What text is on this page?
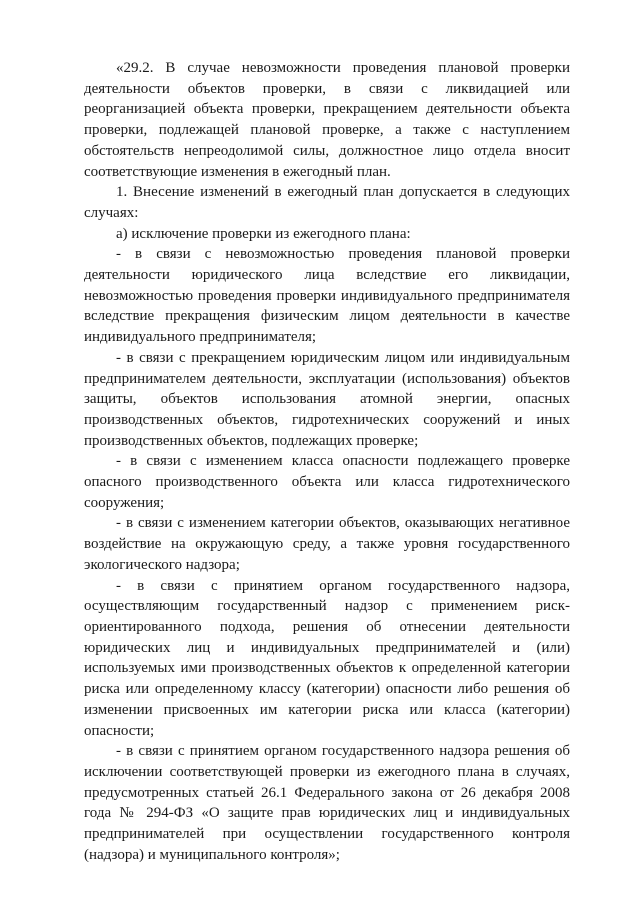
«29.2. В случае невозможности проведения плановой проверки деятельности объектов проверки, в связи с ликвидацией или реорганизацией объекта проверки, прекращением деятельности объекта проверки, подлежащей плановой проверке, а также с наступлением обстоятельств непреодолимой силы, должностное лицо отдела вносит соответствующие изменения в ежегодный план.

1. Внесение изменений в ежегодный план допускается в следующих случаях:

а) исключение проверки из ежегодного плана:

- в связи с невозможностью проведения плановой проверки деятельности юридического лица вследствие его ликвидации, невозможностью проведения проверки индивидуального предпринимателя вследствие прекращения физическим лицом деятельности в качестве индивидуального предпринимателя;

- в связи с прекращением юридическим лицом или индивидуальным предпринимателем деятельности, эксплуатации (использования) объектов защиты, объектов использования атомной энергии, опасных производственных объектов, гидротехнических сооружений и иных производственных объектов, подлежащих проверке;

- в связи с изменением класса опасности подлежащего проверке опасного производственного объекта или класса гидротехнического сооружения;

- в связи с изменением категории объектов, оказывающих негативное воздействие на окружающую среду, а также уровня государственного экологического надзора;

- в связи с принятием органом государственного надзора, осуществляющим государственный надзор с применением риск-ориентированного подхода, решения об отнесении деятельности юридических лиц и индивидуальных предпринимателей и (или) используемых ими производственных объектов к определенной категории риска или определенному классу (категории) опасности либо решения об изменении присвоенных им категории риска или класса (категории) опасности;

- в связи с принятием органом государственного надзора решения об исключении соответствующей проверки из ежегодного плана в случаях, предусмотренных статьей 26.1 Федерального закона от 26 декабря 2008 года № 294-ФЗ «О защите прав юридических лиц и индивидуальных предпринимателей при осуществлении государственного контроля (надзора) и муниципального контроля»;
